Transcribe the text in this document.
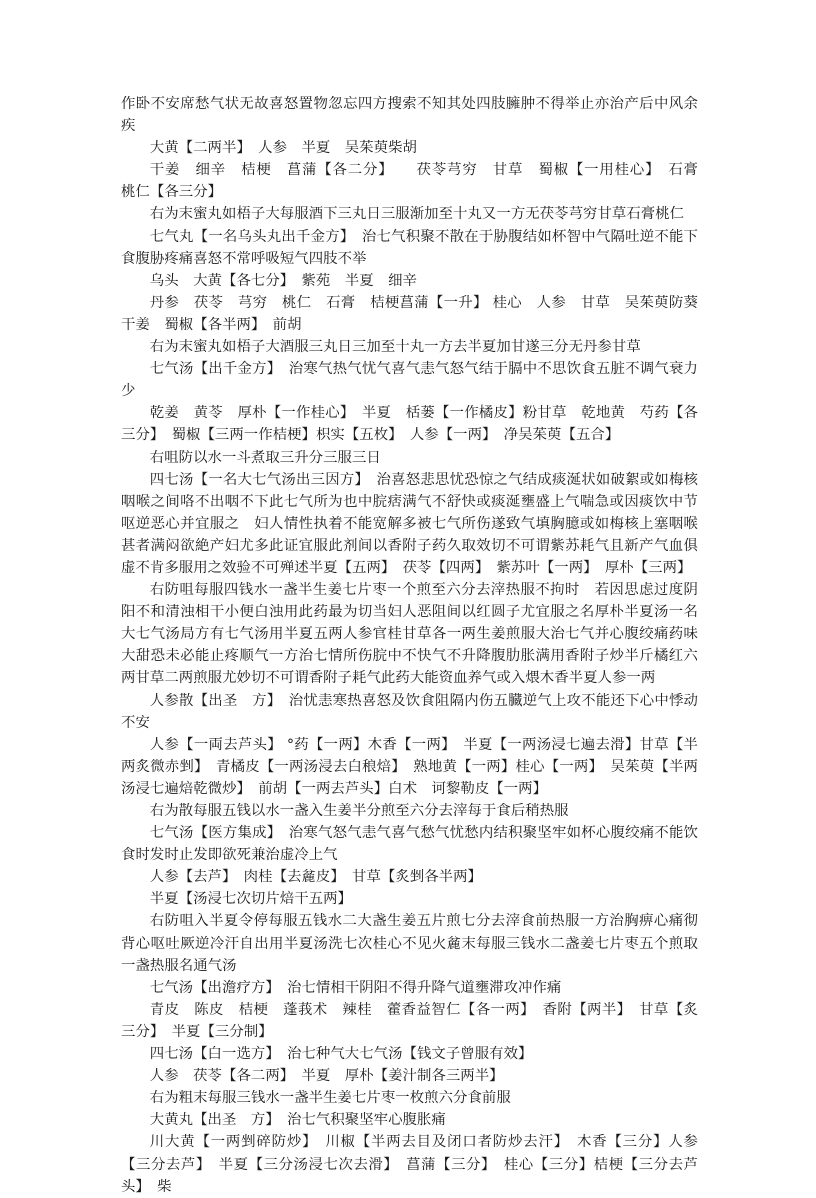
作卧不安席愁气状无故喜怒置物忽忘四方搜索不知其处四肢臃肿不得举止亦治产后中风余疾

大黄【二两半】　人参　半夏　吴茱萸柴胡

干姜　细辛　桔梗　菖蒲【各二分】　　茯苓芎穷　甘草　蜀椒【一用桂心】　石膏　桃仁【各三分】

右为末蜜丸如梧子大每服酒下三丸日三服渐加至十丸又一方无茯苓芎穷甘草石膏桃仁

七气丸【一名乌头丸出千金方】　治七气积聚不散在于胁腹结如杯智中气隔吐逆不能下食腹胁疼痛喜怒不常呼吸短气四肢不举

乌头　大黄【各七分】　紫苑　半夏　细辛

丹参　茯苓　芎穷　桃仁　石膏　桔梗菖蒲【一升】 桂心　人参　甘草　吴茱萸防葵　干姜　蜀椒【各半两】　前胡

右为末蜜丸如梧子大酒服三丸日三加至十丸一方去半夏加甘遂三分无丹参甘草

七气汤【出千金方】　治寒气热气忧气喜气恚气怒气结于膈中不思饮食五脏不调气衰力少

乾姜　黄苓　厚朴【一作桂心】　半夏　栝蒌【一作橘皮】粉甘草　乾地黄　芍药【各三分】　蜀椒【三两一作桔梗】枳实【五枚】　人参【一两】　净吴茱萸【五合】

右咀防以水一斗煮取三升分三服三日

四七汤【一名大七气汤出三因方】　治喜怒悲思忧恐惊之气结成痰涎状如破絮或如梅核咽喉之间咯不出咽不下此七气所为也中脘痞满气不舒快或痰涎壅盛上气喘急或因痰饮中节呕逆恶心并宜服之　妇人情性执着不能宽解多被七气所伤遂致气填胸臆或如梅核上塞咽喉甚者满闷欲絶产妇尤多此证宜服此剂间以香附子药久取效切不可谓紫苏耗气且新产气血俱虚不肯多服用之效验不可殚述半夏【五两】　茯苓【四两】　紫苏叶【一两】　厚朴【三两】

右防咀每服四钱水一盏半生姜七片枣一个煎至六分去滓热服不拘时　若因思虑过度阴阳不和清浊相干小便白浊用此药最为切当妇人恶阻间以红圆子尤宜服之名厚朴半夏汤一名大七气汤局方有七气汤用半夏五两人参官桂甘草各一两生姜煎服大治七气并心腹绞痛药味大甜恐未必能止疼顺气一方治七情所伤脘中不快气不升降腹肋胀满用香附子炒半斤橘红六两甘草二两煎服尤妙切不可谓香附子耗气此药大能资血养气或入煨木香半夏人参一两

人参散【出圣　方】　治忧恚寒热喜怒及饮食阻隔内伤五臓逆气上攻不能还下心中悸动不安

人参【一両去芦头】 °药【一两】木香【一两】　半夏【一两汤浸七遍去滑】甘草【半两炙微赤剉】　青橘皮【一两汤浸去白稂焙】　熟地黄【一两】桂心【一两】　吴茱萸【半两汤浸七遍焙乾微炒】　前胡【一两去芦头】白术　诃黎勒皮【一两】

右为散每服五钱以水一盏入生姜半分煎至六分去滓每于食后稍热服

七气汤【医方集成】　治寒气怒气恚气喜气愁气忧愁内结积聚坚牢如杯心腹绞痛不能饮食时发时止发即欲死兼治虚冷上气

人参【去芦】　肉桂【去麄皮】　甘草【炙剉各半两】

半夏【汤浸七次切片焙干五两】

右防咀入半夏令停每服五钱水二大盏生姜五片煎七分去滓食前热服一方治胸痹心痛彻背心呕吐厥逆冷汗自出用半夏汤洗七次桂心不见火麄末每服三钱水二盏姜七片枣五个煎取一盏热服名通气汤

七气汤【出澹疗方】　治七情相干阴阳不得升降气道壅滞攻冲作痛

青皮　陈皮　桔梗　蓬莪术　辣桂　藿香益智仁【各一两】　香附【两半】　甘草【炙三分】　半夏【三分制】

四七汤【白一选方】　治七种气大七气汤【钱文子曾服有效】

人参　茯苓【各二两】　半夏　厚朴【姜汁制各三两半】

右为粗末每服三钱水一盏半生姜七片枣一枚煎六分食前服

大黄丸【出圣　方】　治七气积聚坚牢心腹胀痛

川大黄【一两剉碎防炒】　川椒【半两去目及闭口者防炒去汗】　木香【三分】人参【三分去芦】　半夏【三分汤浸七次去滑】　菖蒲【三分】　桂心【三分】桔梗【三分去芦头】　柴
